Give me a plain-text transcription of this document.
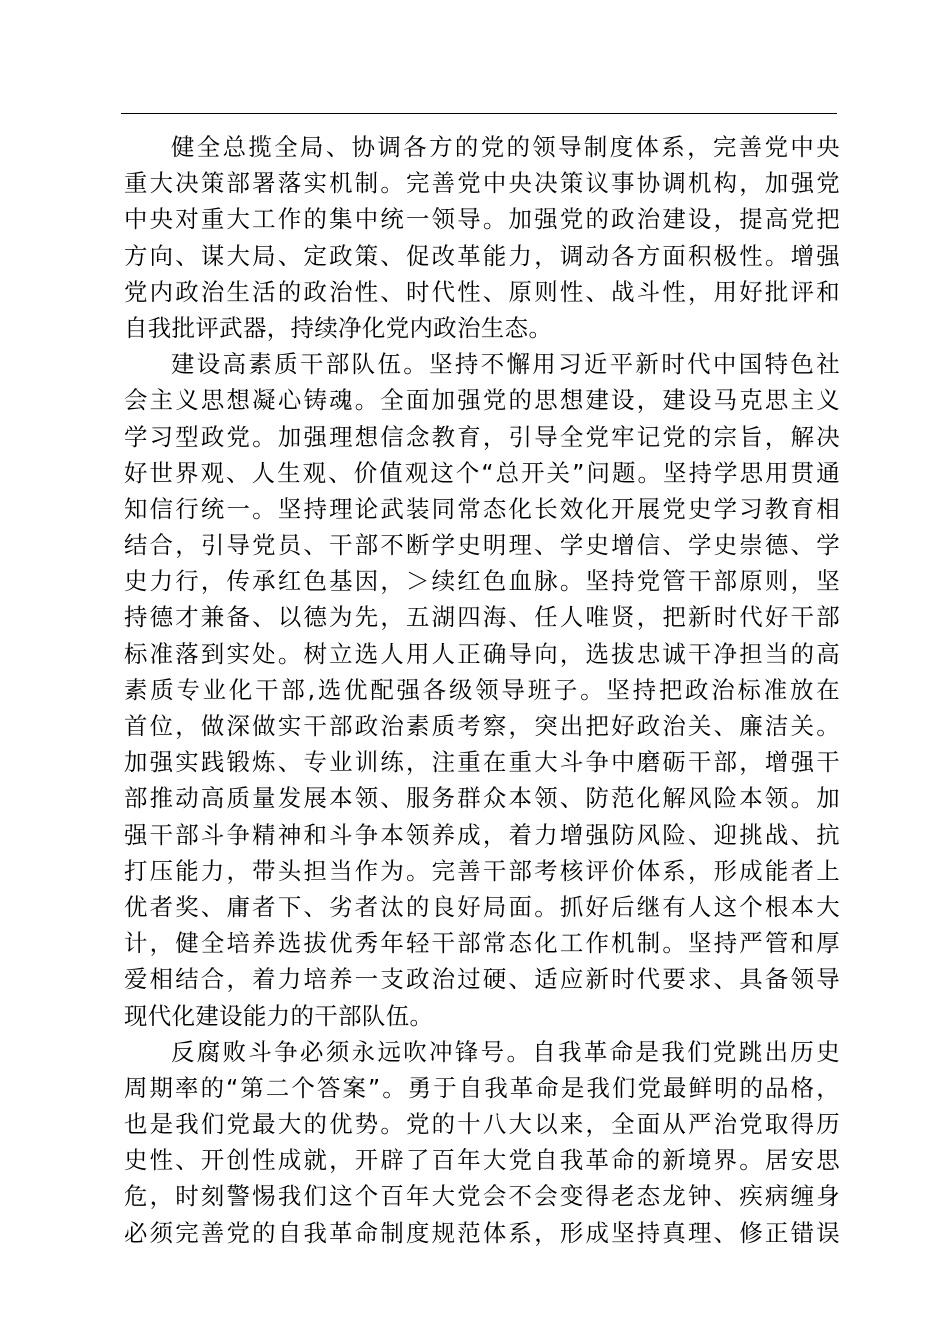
健全总揽全局、协调各方的党的领导制度体系，完善党中央
重大决策部署落实机制。完善党中央决策议事协调机构，加强党
中央对重大工作的集中统一领导。加强党的政治建设，提高党把
方向、谋大局、定政策、促改革能力，调动各方面积极性。增强
党内政治生活的政治性、时代性、原则性、战斗性，用好批评和
自我批评武器，持续净化党内政治生态。
建设高素质干部队伍。坚持不懈用习近平新时代中国特色社
会主义思想凝心铸魂。全面加强党的思想建设，建设马克思主义
学习型政党。加强理想信念教育，引导全党牢记党的宗旨，解决
好世界观、人生观、价值观这个“总开关”问题。坚持学思用贯通
知信行统一。坚持理论武装同常态化长效化开展党史学习教育相
结合，引导党员、干部不断学史明理、学史增信、学史崇德、学
史力行，传承红色基因，＞续红色血脉。坚持党管干部原则，坚
持德才兼备、以德为先，五湖四海、任人唯贤，把新时代好干部
标准落到实处。树立选人用人正确导向，选拔忠诚干净担当的高
素质专业化干部,选优配强各级领导班子。坚持把政治标准放在
首位，做深做实干部政治素质考察，突出把好政治关、廉洁关。
加强实践锻炼、专业训练，注重在重大斗争中磨砺干部，增强干
部推动高质量发展本领、服务群众本领、防范化解风险本领。加
强干部斗争精神和斗争本领养成，着力增强防风险、迎挑战、抗
打压能力，带头担当作为。完善干部考核评价体系，形成能者上
优者奖、庸者下、劣者汰的良好局面。抓好后继有人这个根本大
计，健全培养选拔优秀年轻干部常态化工作机制。坚持严管和厚
爱相结合，着力培养一支政治过硬、适应新时代要求、具备领导
现代化建设能力的干部队伍。
反腐败斗争必须永远吹冲锋号。自我革命是我们党跳出历史
周期率的“第二个答案”。勇于自我革命是我们党最鲜明的品格，
也是我们党最大的优势。党的十八大以来，全面从严治党取得历
史性、开创性成就，开辟了百年大党自我革命的新境界。居安思
危，时刻警惕我们这个百年大党会不会变得老态龙钟、疾病缠身
必须完善党的自我革命制度规范体系，形成坚持真理、修正错误
